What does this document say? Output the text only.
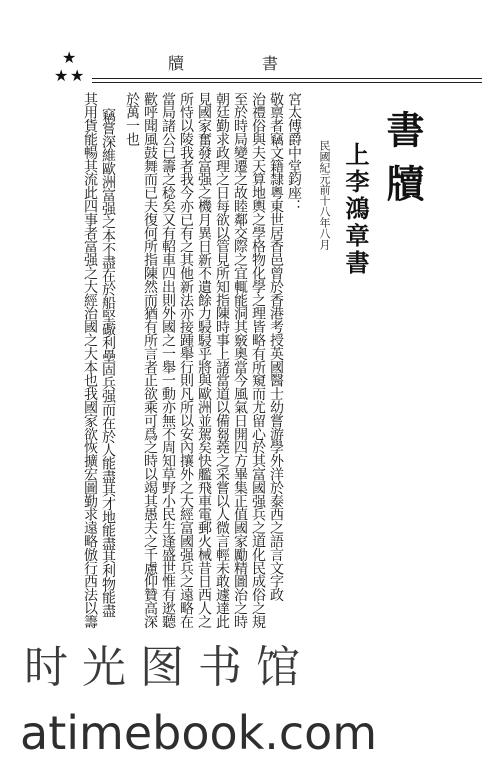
★
★ ★
牘	書
書牘
上李鴻章書
民國紀元前十八年八月
宮太傅爵中堂鈞座：
敬禀者竊文籍隸粵東世居香邑曾於香港考授英國醫士幼嘗游學外洋於泰西之語言文字政
治禮俗與夫天算地輿之學格物化學之理皆略有所窺而尤留心於其富國强兵之道化民成俗之規
至於時局變遷之故睦鄰交際之宜輒能洞其竅奧當今風氣日開四方畢集正值國家勵精圖治之時
朝廷勤求政理之日每欲以管見所知指陳時事上諸當道以備芻蕘之采嘗以人微言輕未敢遽達此
見國家奮發富强之機月異日新不遺餘力駸駸乎將與歐洲並駕矣快艦飛車電郵火械昔日西人之
所恃以陵我者我今亦已有之其他新法亦接踵舉行則凡所以安內攘外之大經富國强兵之遠略在
當局諸公已籌之稔矣又有軺車四出則外國之一舉一動亦無不周知草野小民生逢盛世惟有逖聽
歡呼聞風鼓舞而已夫復何所指陳然而猶有所言者正欲乘可爲之時以竭其愚夫之千慮仰贊高深
於萬一也
竊嘗深維歐洲富强之本不盡在於船堅礮利壘固兵强而在於人能盡其才地能盡其利物能盡
其用貨能暢其流此四事者富强之大經治國之大本也我國家欲恢擴宏圖勤求遠略倣行西法以籌
时光图书馆
atimebook.com
